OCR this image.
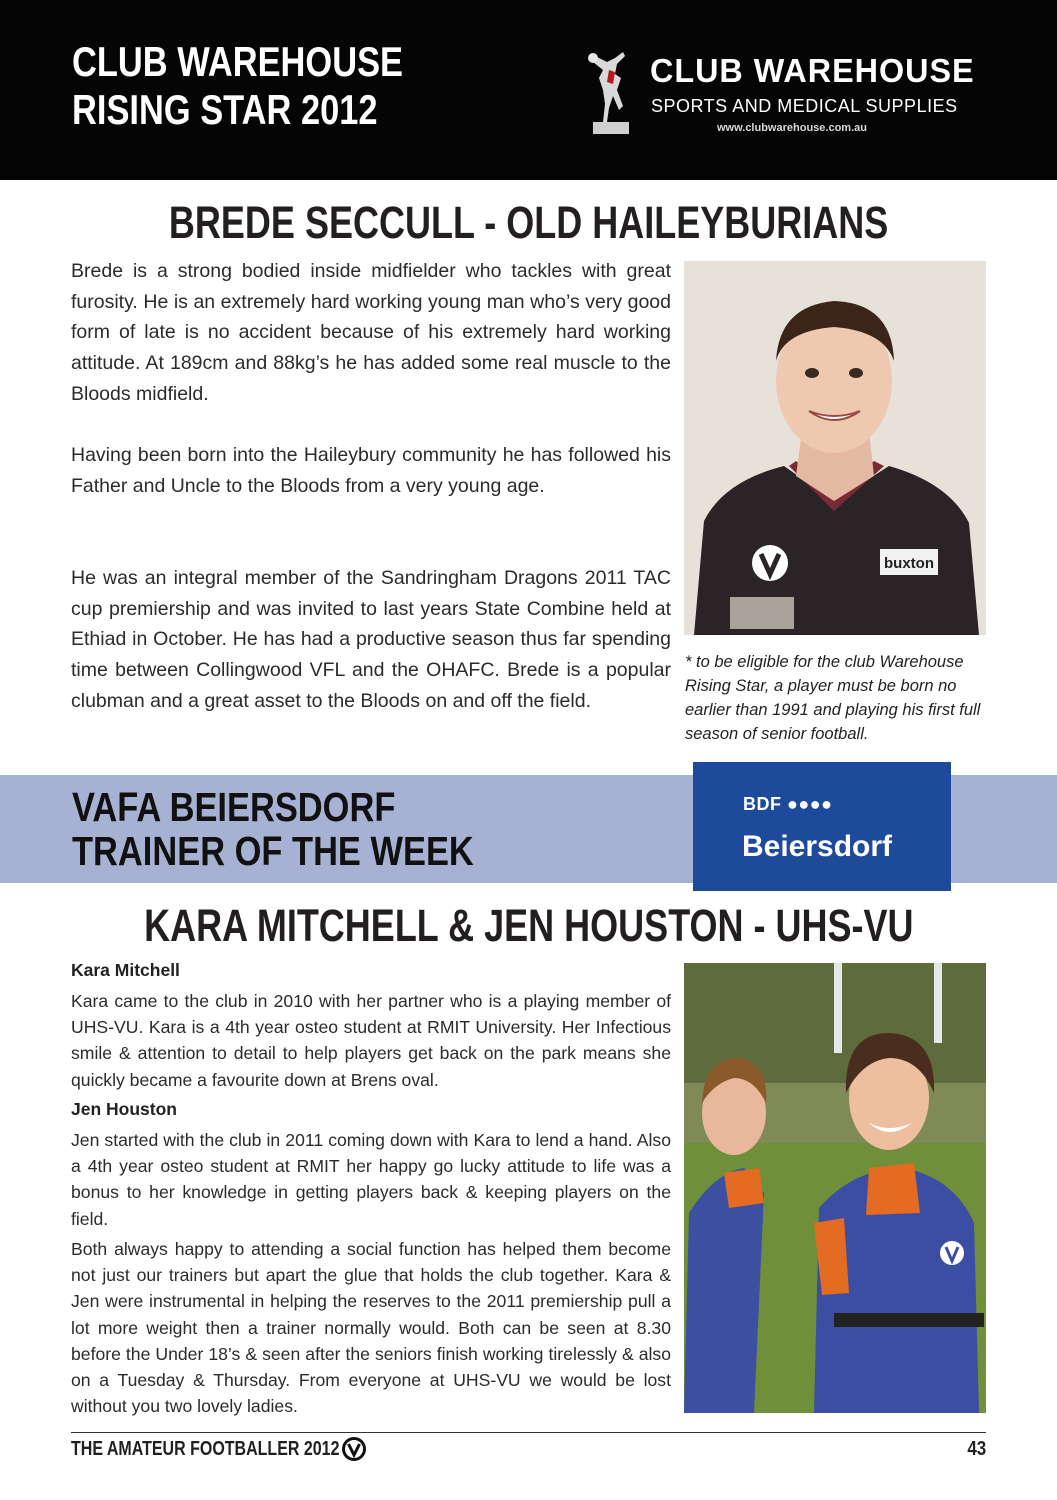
CLUB WAREHOUSE
RISING STAR 2012
CLUB WAREHOUSE
SPORTS AND MEDICAL SUPPLIES
www.clubwarehouse.com.au
BREDE SECCULL - OLD HAILEYBURIANS

Brede is a strong bodied inside midfielder who tackles with great furosity. He is an extremely hard working young man who’s very good form of late is no accident because of his extremely hard working attitude. At 189cm and 88kg’s he has added some real muscle to the Bloods midfield.

Having been born into the Haileybury community he has followed his Father and Uncle to the Bloods from a very young age.

He was an integral member of the Sandringham Dragons 2011 TAC cup premiership and was invited to last years State Combine held at Ethiad in October. He has had a productive season thus far spending time between Collingwood VFL and the OHAFC. Brede is a popular clubman and a great asset to the Bloods on and off the field.

buxton

* to be eligible for the club Warehouse Rising Star, a player must be born no earlier than 1991 and playing his first full season of senior football.

VAFA BEIERSDORF
TRAINER OF THE WEEK
BDF ●●●●
Beiersdorf
KARA MITCHELL & JEN HOUSTON - UHS-VU
Kara Mitchell

Kara came to the club in 2010 with her partner who is a playing member of UHS-VU. Kara is a 4th year osteo student at RMIT University. Her Infectious smile & attention to detail to help players get back on the park means she quickly became a favourite down at Brens oval.

Jen Houston

Jen started with the club in 2011 coming down with Kara to lend a hand. Also a 4th year osteo student at RMIT her happy go lucky attitude to life was a bonus to her knowledge in getting players back & keeping players on the field.

Both always happy to attending a social function has helped them become not just our trainers but apart the glue that holds the club together. Kara & Jen were instrumental in helping the reserves to the 2011 premiership pull a lot more weight then a trainer normally would. Both can be seen at 8.30 before the Under 18’s & seen after the seniors finish working tirelessly & also on a Tuesday & Thursday. From everyone at UHS-VU we would be lost without you two lovely ladies.

THE AMATEUR FOOTBALLER 2012	43
